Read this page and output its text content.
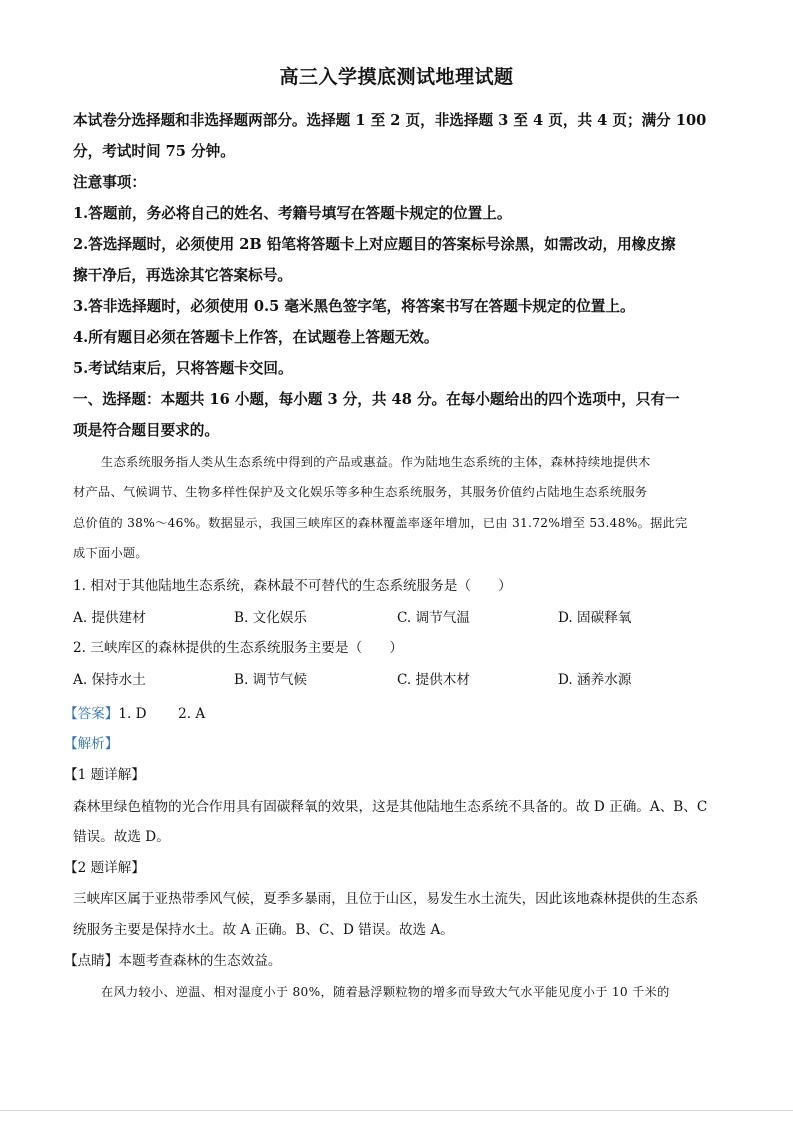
高三入学摸底测试地理试题
本试卷分选择题和非选择题两部分。选择题 1 至 2 页，非选择题 3 至 4 页，共 4 页；满分 100
分，考试时间 75 分钟。
注意事项：
1.答题前，务必将自己的姓名、考籍号填写在答题卡规定的位置上。
2.答选择题时，必须使用 2B 铅笔将答题卡上对应题目的答案标号涂黑，如需改动，用橡皮擦
擦干净后，再选涂其它答案标号。
3.答非选择题时，必须使用 0.5 毫米黑色签字笔，将答案书写在答题卡规定的位置上。
4.所有题目必须在答题卡上作答，在试题卷上答题无效。
5.考试结束后，只将答题卡交回。
一、选择题：本题共 16 小题，每小题 3 分，共 48 分。在每小题给出的四个选项中，只有一
项是符合题目要求的。
生态系统服务指人类从生态系统中得到的产品或惠益。作为陆地生态系统的主体，森林持续地提供木
材产品、气候调节、生物多样性保护及文化娱乐等多种生态系统服务，其服务价值约占陆地生态系统服务
总价值的 38%～46%。数据显示，我国三峡库区的森林覆盖率逐年增加，已由 31.72%增至 53.48%。据此完
成下面小题。
1. 相对于其他陆地生态系统，森林最不可替代的生态系统服务是（　　）
A. 提供建材	B. 文化娱乐	C. 调节气温	D. 固碳释氧
2. 三峡库区的森林提供的生态系统服务主要是（　　）
A. 保持水土	B. 调节气候	C. 提供木材	D. 涵养水源
【答案】1. D　　 2. A
【解析】
【1 题详解】
森林里绿色植物的光合作用具有固碳释氧的效果，这是其他陆地生态系统不具备的。故 D 正确。A、B、C
错误。故选 D。
【2 题详解】
三峡库区属于亚热带季风气候，夏季多暴雨，且位于山区，易发生水土流失，因此该地森林提供的生态系
统服务主要是保持水土。故 A 正确。B、C、D 错误。故选 A。
【点睛】本题考查森林的生态效益。
在风力较小、逆温、相对湿度小于 80%，随着悬浮颗粒物的增多而导致大气水平能见度小于 10 千米的
